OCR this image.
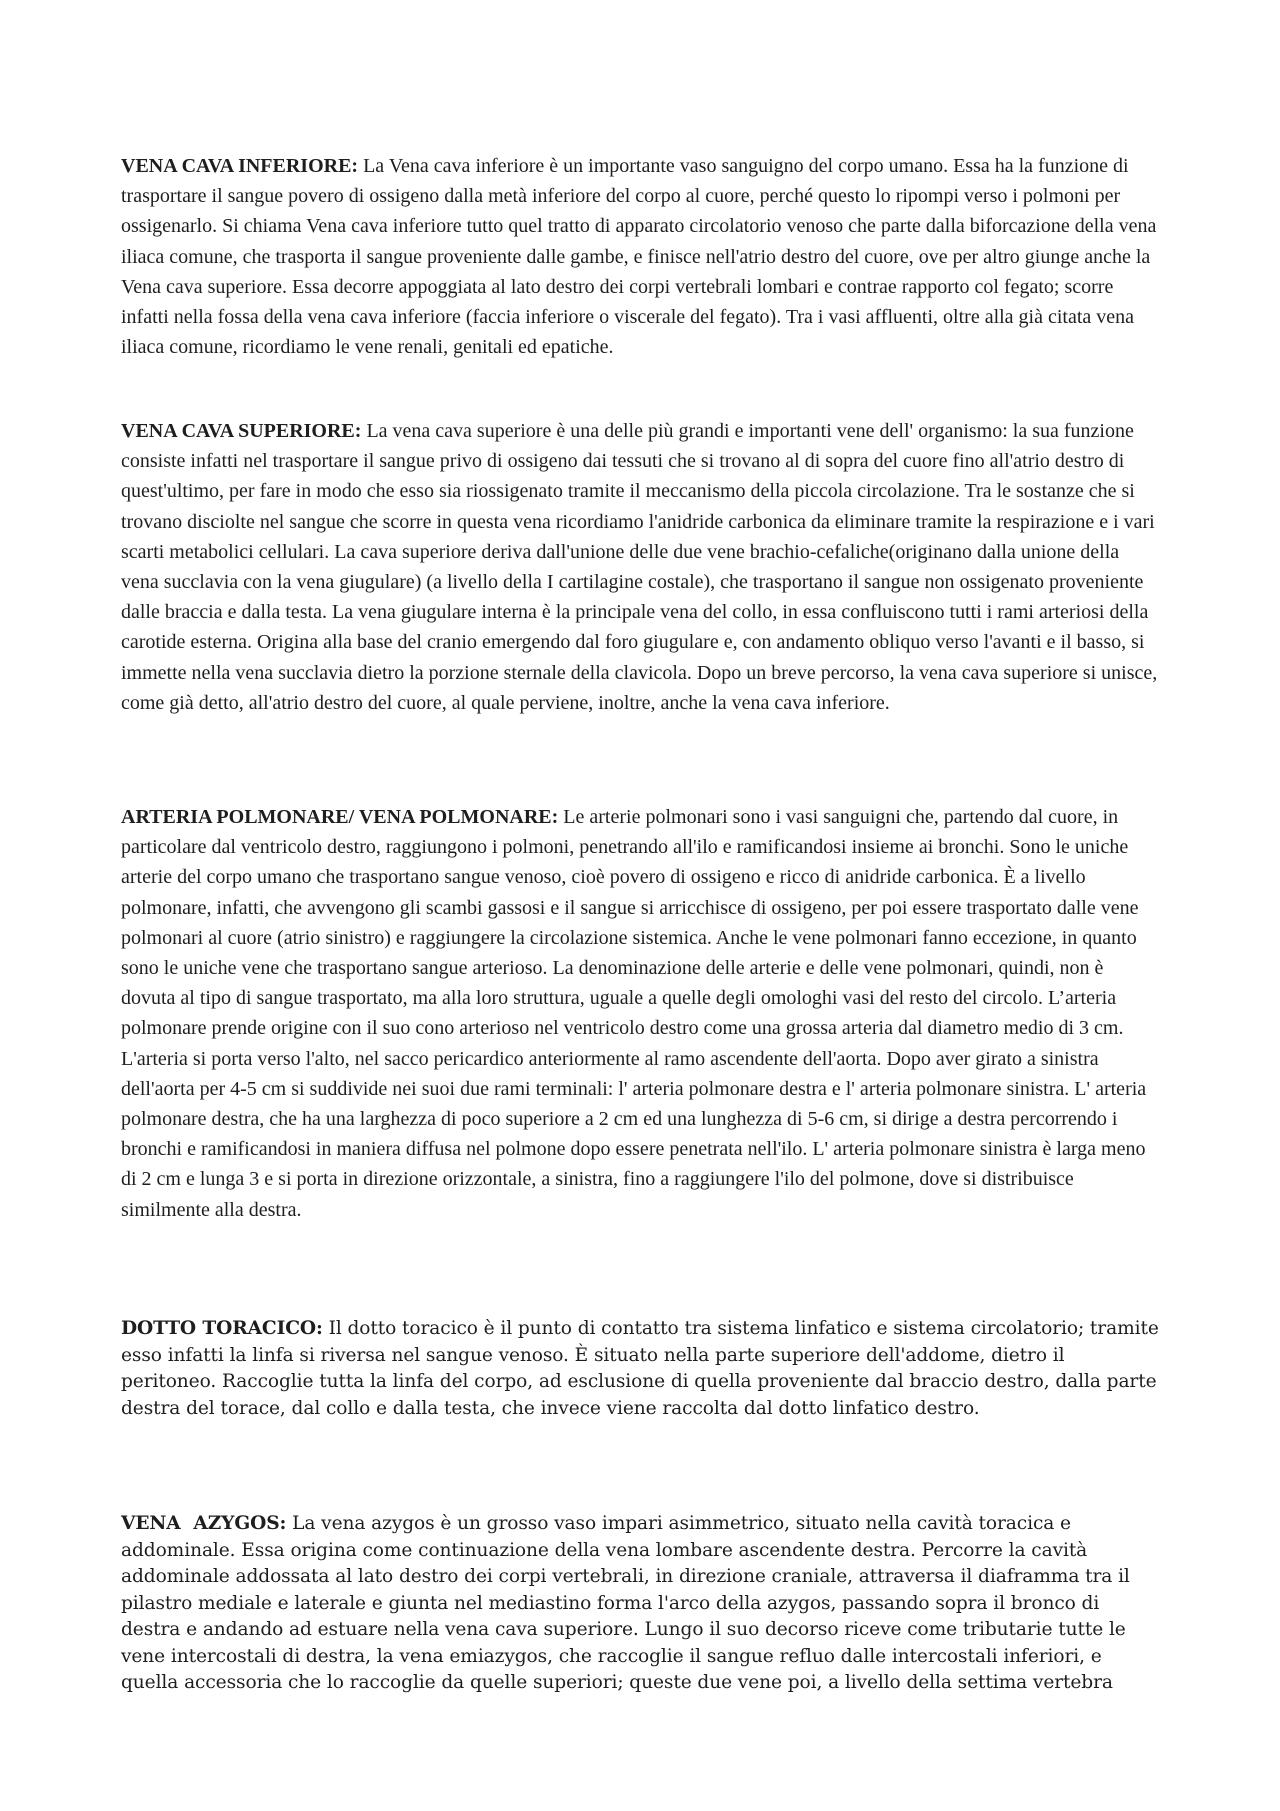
VENA CAVA INFERIORE: La Vena cava inferiore è un importante vaso sanguigno del corpo umano. Essa ha la funzione di trasportare il sangue povero di ossigeno dalla metà inferiore del corpo al cuore, perché questo lo ripompi verso i polmoni per ossigenarlo. Si chiama Vena cava inferiore tutto quel tratto di apparato circolatorio venoso che parte dalla biforcazione della vena iliaca comune, che trasporta il sangue proveniente dalle gambe, e finisce nell'atrio destro del cuore, ove per altro giunge anche la Vena cava superiore. Essa decorre appoggiata al lato destro dei corpi vertebrali lombari e contrae rapporto col fegato; scorre infatti nella fossa della vena cava inferiore (faccia inferiore o viscerale del fegato). Tra i vasi affluenti, oltre alla già citata vena iliaca comune, ricordiamo le vene renali, genitali ed epatiche.

VENA CAVA SUPERIORE: La vena cava superiore è una delle più grandi e importanti vene dell' organismo: la sua funzione consiste infatti nel trasportare il sangue privo di ossigeno dai tessuti che si trovano al di sopra del cuore fino all'atrio destro di quest'ultimo, per fare in modo che esso sia riossigenato tramite il meccanismo della piccola circolazione. Tra le sostanze che si trovano disciolte nel sangue che scorre in questa vena ricordiamo l'anidride carbonica da eliminare tramite la respirazione e i vari scarti metabolici cellulari. La cava superiore deriva dall'unione delle due vene brachio-cefaliche(originano dalla unione della vena succlavia con la vena giugulare) (a livello della I cartilagine costale), che trasportano il sangue non ossigenato proveniente dalle braccia e dalla testa. La vena giugulare interna è la principale vena del collo, in essa confluiscono tutti i rami arteriosi della carotide esterna. Origina alla base del cranio emergendo dal foro giugulare e, con andamento obliquo verso l'avanti e il basso, si immette nella vena succlavia dietro la porzione sternale della clavicola. Dopo un breve percorso, la vena cava superiore si unisce, come già detto, all'atrio destro del cuore, al quale perviene, inoltre, anche la vena cava inferiore.

ARTERIA POLMONARE/ VENA POLMONARE: Le arterie polmonari sono i vasi sanguigni che, partendo dal cuore, in particolare dal ventricolo destro, raggiungono i polmoni, penetrando all'ilo e ramificandosi insieme ai bronchi. Sono le uniche arterie del corpo umano che trasportano sangue venoso, cioè povero di ossigeno e ricco di anidride carbonica. È a livello polmonare, infatti, che avvengono gli scambi gassosi e il sangue si arricchisce di ossigeno, per poi essere trasportato dalle vene polmonari al cuore (atrio sinistro) e raggiungere la circolazione sistemica. Anche le vene polmonari fanno eccezione, in quanto sono le uniche vene che trasportano sangue arterioso. La denominazione delle arterie e delle vene polmonari, quindi, non è dovuta al tipo di sangue trasportato, ma alla loro struttura, uguale a quelle degli omologhi vasi del resto del circolo. L’arteria polmonare prende origine con il suo cono arterioso nel ventricolo destro come una grossa arteria dal diametro medio di 3 cm. L'arteria si porta verso l'alto, nel sacco pericardico anteriormente al ramo ascendente dell'aorta. Dopo aver girato a sinistra dell'aorta per 4-5 cm si suddivide nei suoi due rami terminali: l' arteria polmonare destra e l' arteria polmonare sinistra. L' arteria polmonare destra, che ha una larghezza di poco superiore a 2 cm ed una lunghezza di 5-6 cm, si dirige a destra percorrendo i bronchi e ramificandosi in maniera diffusa nel polmone dopo essere penetrata nell'ilo. L' arteria polmonare sinistra è larga meno di 2 cm e lunga 3 e si porta in direzione orizzontale, a sinistra, fino a raggiungere l'ilo del polmone, dove si distribuisce similmente alla destra.

DOTTO TORACICO: Il dotto toracico è il punto di contatto tra sistema linfatico e sistema circolatorio; tramite esso infatti la linfa si riversa nel sangue venoso. È situato nella parte superiore dell'addome, dietro il peritoneo. Raccoglie tutta la linfa del corpo, ad esclusione di quella proveniente dal braccio destro, dalla parte destra del torace, dal collo e dalla testa, che invece viene raccolta dal dotto linfatico destro.

VENA  AZYGOS: La vena azygos è un grosso vaso impari asimmetrico, situato nella cavità toracica e addominale. Essa origina come continuazione della vena lombare ascendente destra. Percorre la cavità addominale addossata al lato destro dei corpi vertebrali, in direzione craniale, attraversa il diaframma tra il pilastro mediale e laterale e giunta nel mediastino forma l'arco della azygos, passando sopra il bronco di destra e andando ad estuare nella vena cava superiore. Lungo il suo decorso riceve come tributarie tutte le vene intercostali di destra, la vena emiazygos, che raccoglie il sangue refluo dalle intercostali inferiori, e quella accessoria che lo raccoglie da quelle superiori; queste due vene poi, a livello della settima vertebra
